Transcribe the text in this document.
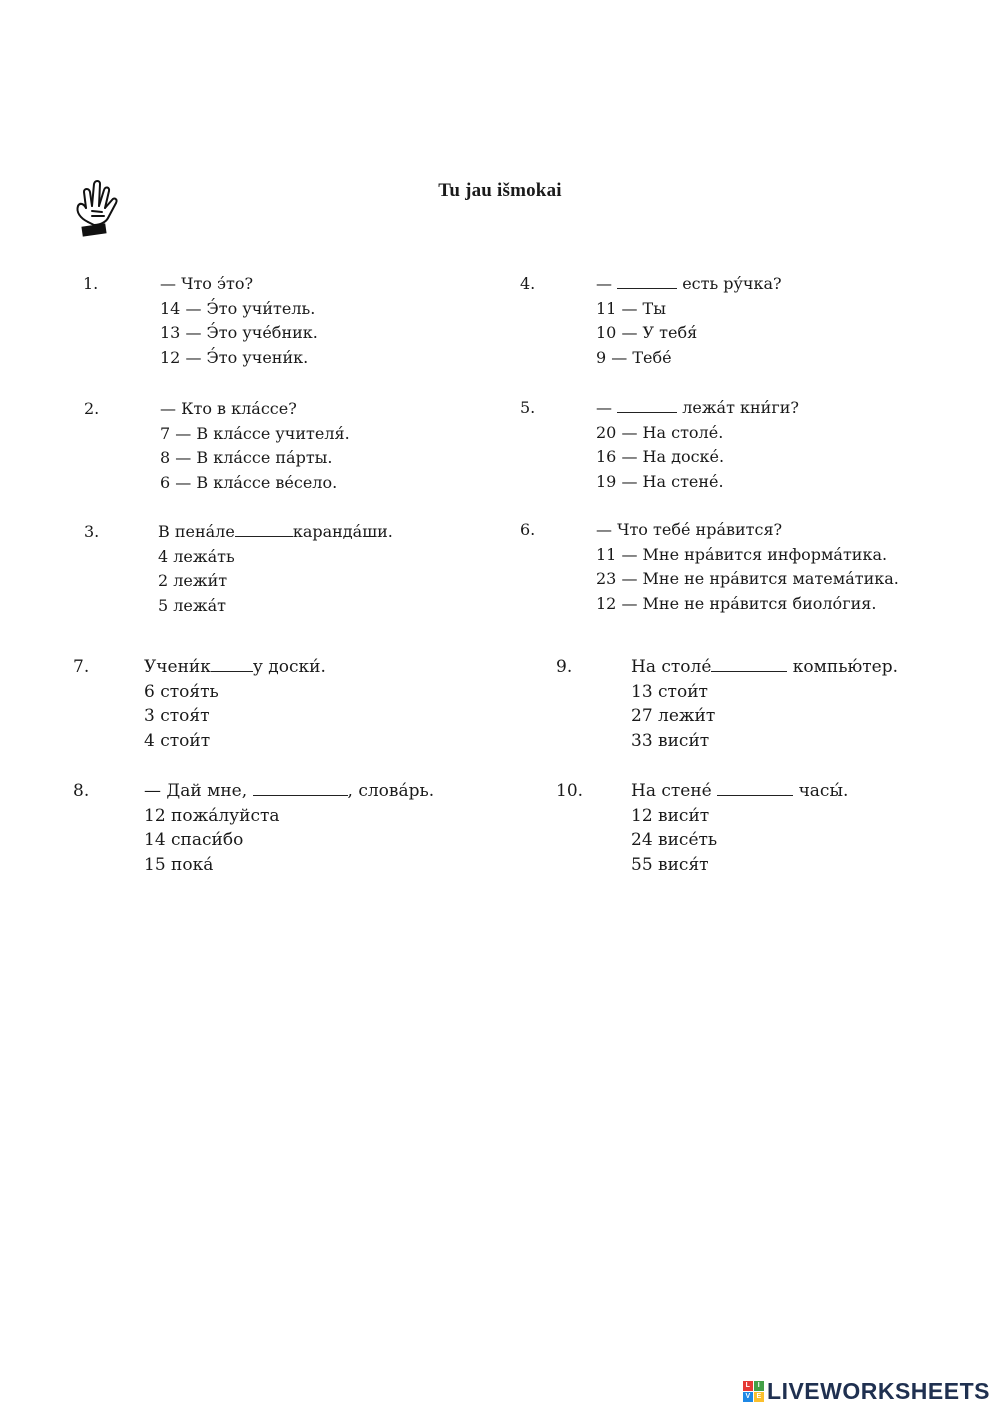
Tu jau išmokai
1.	— Что э́то?
14 — Э́то учи́тель.
13 — Э́то уче́бник.
12 — Э́то учени́к.
2.	— Кто в кла́ссе?
7 — В кла́ссе учителя́.
8 — В кла́ссе па́рты.
6 — В кла́ссе ве́село.
3.	В пена́ле	каранда́ши.
4 лежа́ть
2 лежи́т
5 лежа́т
4.	—	есть ру́чка?
11 — Ты
10 — У тебя́
9 — Тебе́
5.	—	лежа́т кни́ги?
20 — На столе́.
16 — На доске́.
19 — На стене́.
6.	— Что тебе́ нра́вится?
11 — Мне нра́вится информа́тика.
23 — Мне не нра́вится матема́тика.
12 — Мне не нра́вится биоло́гия.
7.	Учени́к у доски́.
6 стоя́ть
3 стоя́т
4 стои́т
8.	— Дай мне,	, слова́рь.
12 пожа́луйста
14 спаси́бо
15 пока́
9.	На столе́	компью́тер.
13 стои́т
27 лежи́т
33 виси́т
10.	На стене́	часы́.
12 виси́т
24 висе́ть
55 вися́т
L	I
V E LIVEWORKSHEETS
